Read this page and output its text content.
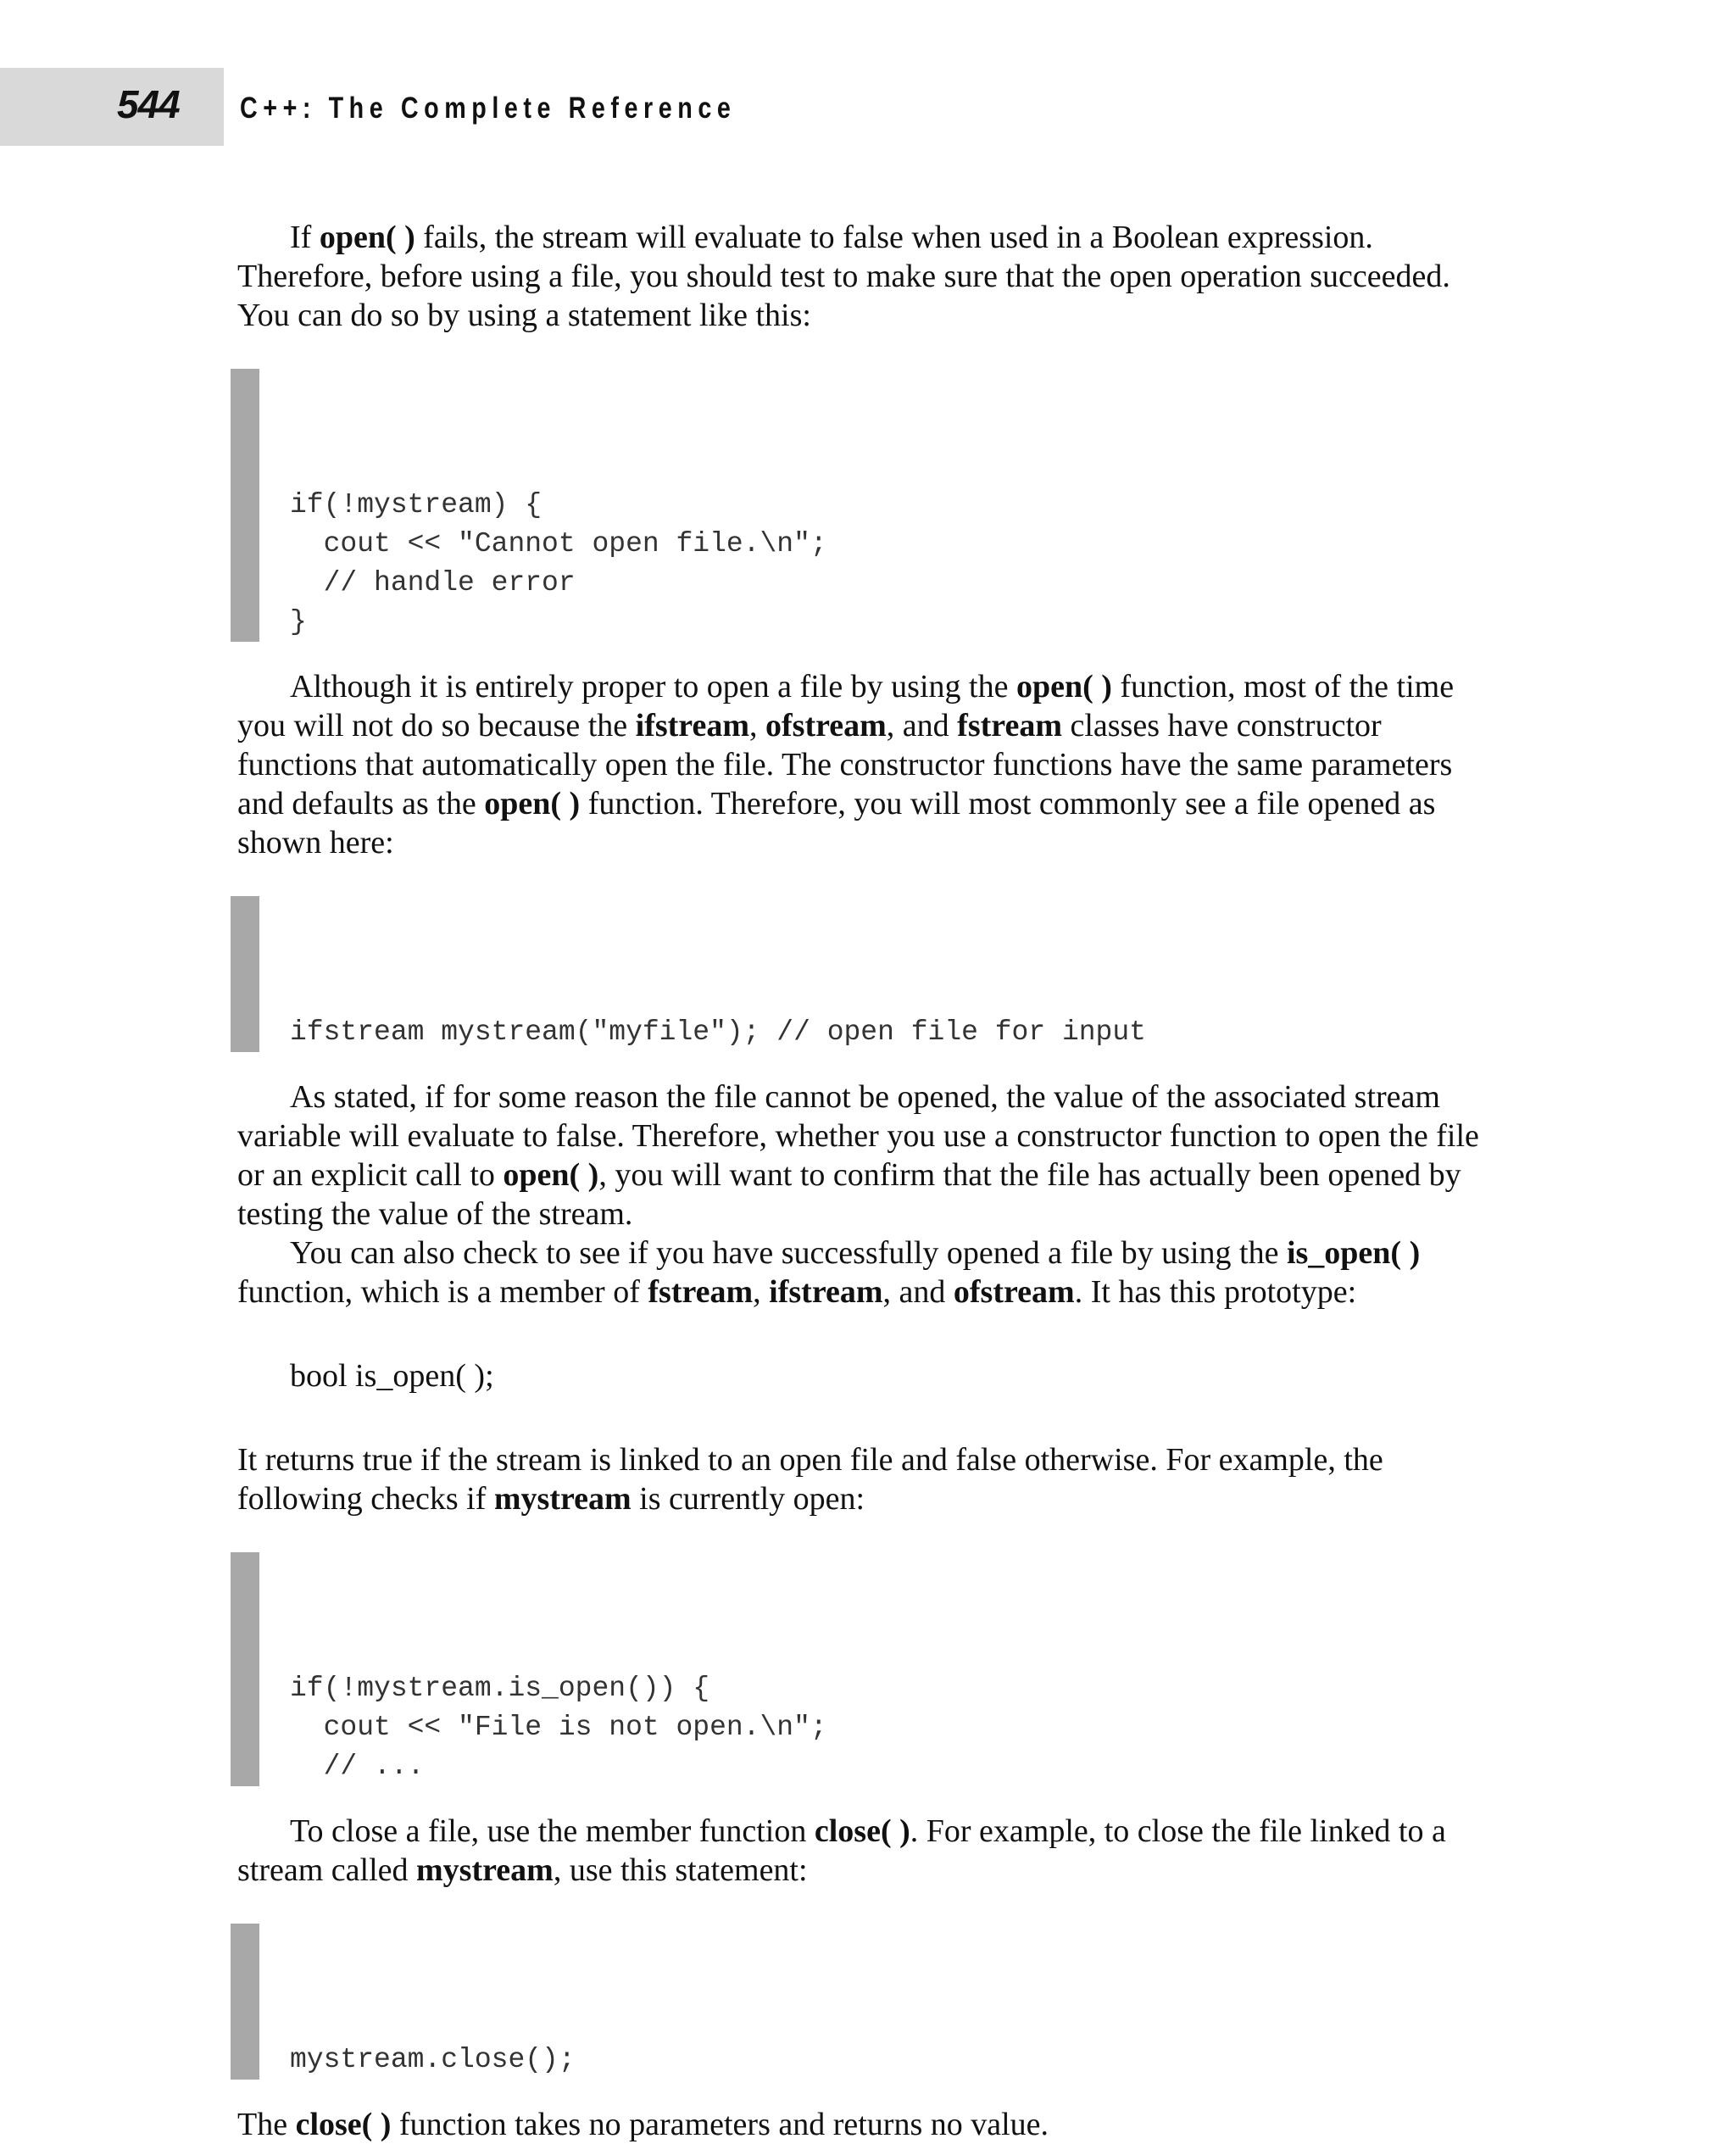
544 C++: The Complete Reference

If open( ) fails, the stream will evaluate to false when used in a Boolean expression. Therefore, before using a file, you should test to make sure that the open operation succeeded. You can do so by using a statement like this:

if(!mystream) {
cout << "Cannot open file.\n";
// handle error
}

Although it is entirely proper to open a file by using the open( ) function, most of the time you will not do so because the ifstream, ofstream, and fstream classes have constructor functions that automatically open the file. The constructor functions have the same parameters and defaults as the open( ) function. Therefore, you will most commonly see a file opened as shown here:

ifstream mystream("myfile"); // open file for input

As stated, if for some reason the file cannot be opened, the value of the associated stream variable will evaluate to false. Therefore, whether you use a constructor function to open the file or an explicit call to open( ), you will want to confirm that the file has actually been opened by testing the value of the stream.

You can also check to see if you have successfully opened a file by using the is_open( ) function, which is a member of fstream, ifstream, and ofstream. It has this prototype:

bool is_open( );

It returns true if the stream is linked to an open file and false otherwise. For example, the following checks if mystream is currently open:

if(!mystream.is_open()) {
cout << "File is not open.\n";
// ...

To close a file, use the member function close( ). For example, to close the file linked to a stream called mystream, use this statement:

mystream.close();

The close( ) function takes no parameters and returns no value.
